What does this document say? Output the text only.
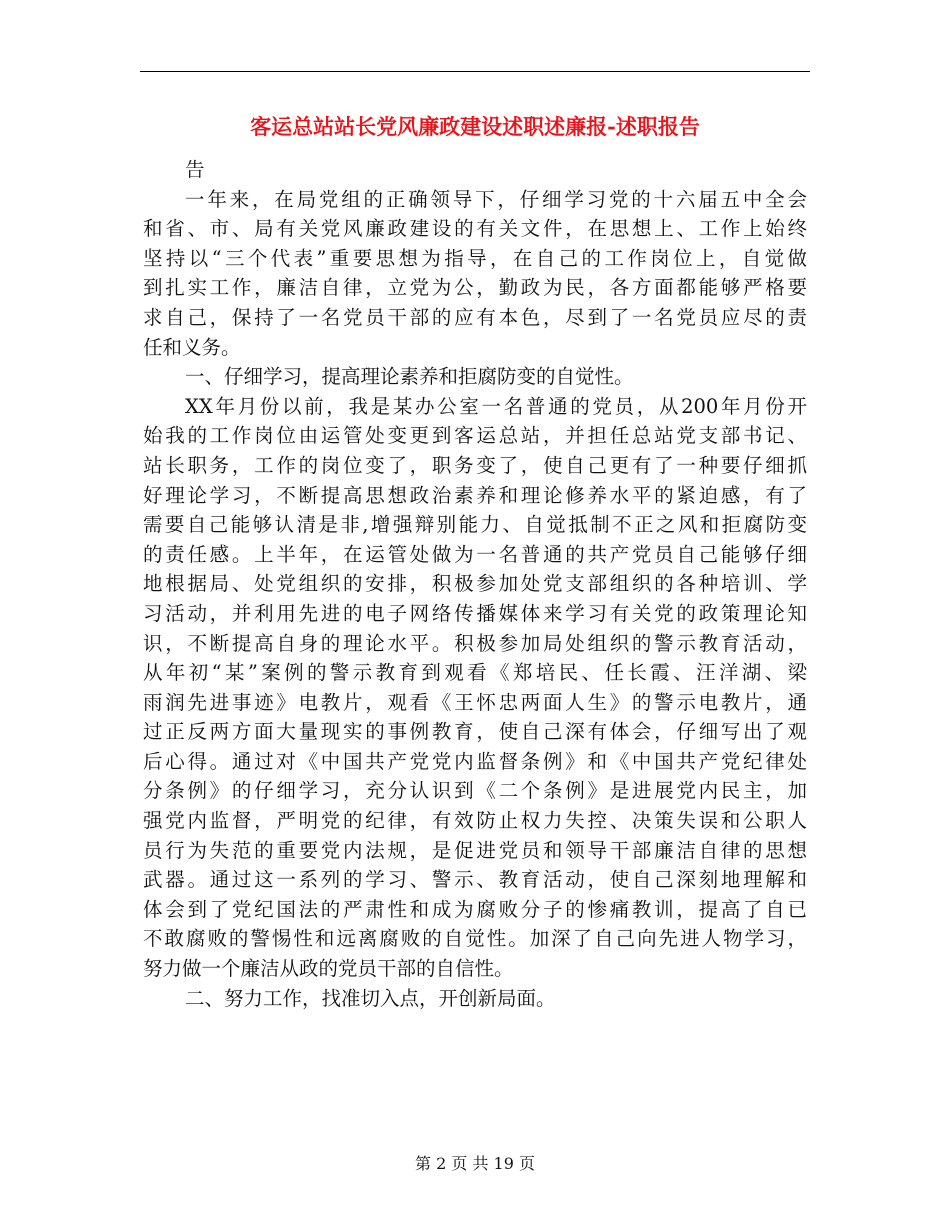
客运总站站长党风廉政建设述职述廉报-述职报告
告
一年来，在局党组的正确领导下，仔细学习党的十六届五中全会
和省、市、局有关党风廉政建设的有关文件，在思想上、工作上始终
坚持以“三个代表”重要思想为指导，在自己的工作岗位上，自觉做
到扎实工作，廉洁自律，立党为公，勤政为民，各方面都能够严格要
求自己，保持了一名党员干部的应有本色，尽到了一名党员应尽的责
任和义务。
一、仔细学习，提高理论素养和拒腐防变的自觉性。
XX年月份以前，我是某办公室一名普通的党员，从200年月份开
始我的工作岗位由运管处变更到客运总站，并担任总站党支部书记、
站长职务，工作的岗位变了，职务变了，使自己更有了一种要仔细抓
好理论学习，不断提高思想政治素养和理论修养水平的紧迫感，有了
需要自己能够认清是非,增强辩别能力、自觉抵制不正之风和拒腐防变
的责任感。上半年，在运管处做为一名普通的共产党员自己能够仔细
地根据局、处党组织的安排，积极参加处党支部组织的各种培训、学
习活动，并利用先进的电子网络传播媒体来学习有关党的政策理论知
识，不断提高自身的理论水平。积极参加局处组织的警示教育活动，
从年初“某”案例的警示教育到观看《郑培民、任长霞、汪洋湖、梁
雨润先进事迹》电教片，观看《王怀忠两面人生》的警示电教片，通
过正反两方面大量现实的事例教育，使自己深有体会，仔细写出了观
后心得。通过对《中国共产党党内监督条例》和《中国共产党纪律处
分条例》的仔细学习，充分认识到《二个条例》是进展党内民主，加
强党内监督，严明党的纪律，有效防止权力失控、决策失误和公职人
员行为失范的重要党内法规，是促进党员和领导干部廉洁自律的思想
武器。通过这一系列的学习、警示、教育活动，使自己深刻地理解和
体会到了党纪国法的严肃性和成为腐败分子的惨痛教训，提高了自已
不敢腐败的警惕性和远离腐败的自觉性。加深了自己向先进人物学习，
努力做一个廉洁从政的党员干部的自信性。
二、努力工作，找准切入点，开创新局面。
第 2 页 共 19 页
